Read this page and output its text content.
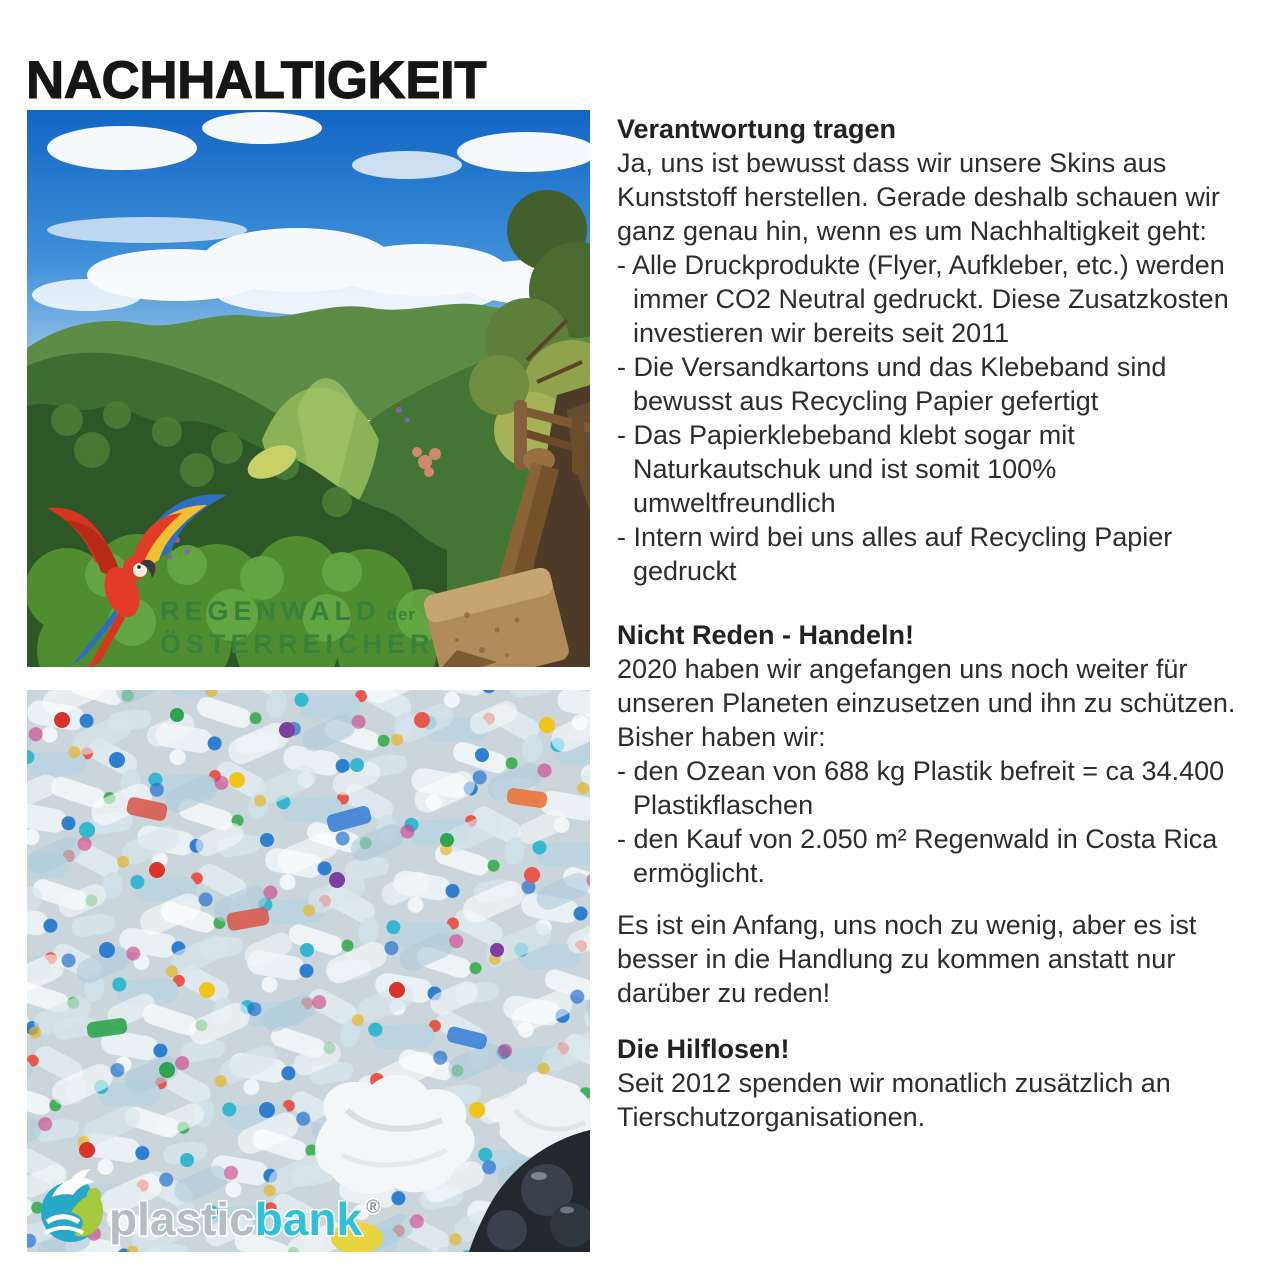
NACHHALTIGKEIT
REGENWALD der
ÖSTERREICHER
plasticbank ®
Verantwortung tragen

Ja, uns ist bewusst dass wir unsere Skins aus Kunststoff herstellen. Gerade deshalb schauen wir ganz genau hin, wenn es um Nachhaltigkeit geht:

- Alle Druckprodukte (Flyer, Aufkleber, etc.) werden immer CO2 Neutral gedruckt. Diese Zusatzkosten investieren wir bereits seit 2011
- Die Versandkartons und das Klebeband sind bewusst aus Recycling Papier gefertigt
- Das Papierklebeband klebt sogar mit Naturkautschuk und ist somit 100% umweltfreundlich
- Intern wird bei uns alles auf Recycling Papier gedruckt
Nicht Reden - Handeln!

2020 haben wir angefangen uns noch weiter für unseren Planeten einzusetzen und ihn zu schützen.

Bisher haben wir:

- den Ozean von 688 kg Plastik befreit = ca 34.400 Plastikflaschen
- den Kauf von 2.050 m² Regenwald in Costa Rica ermöglicht.

Es ist ein Anfang, uns noch zu wenig, aber es ist besser in die Handlung zu kommen anstatt nur darüber zu reden!

Die Hilflosen!

Seit 2012 spenden wir monatlich zusätzlich an Tierschutzorganisationen.
